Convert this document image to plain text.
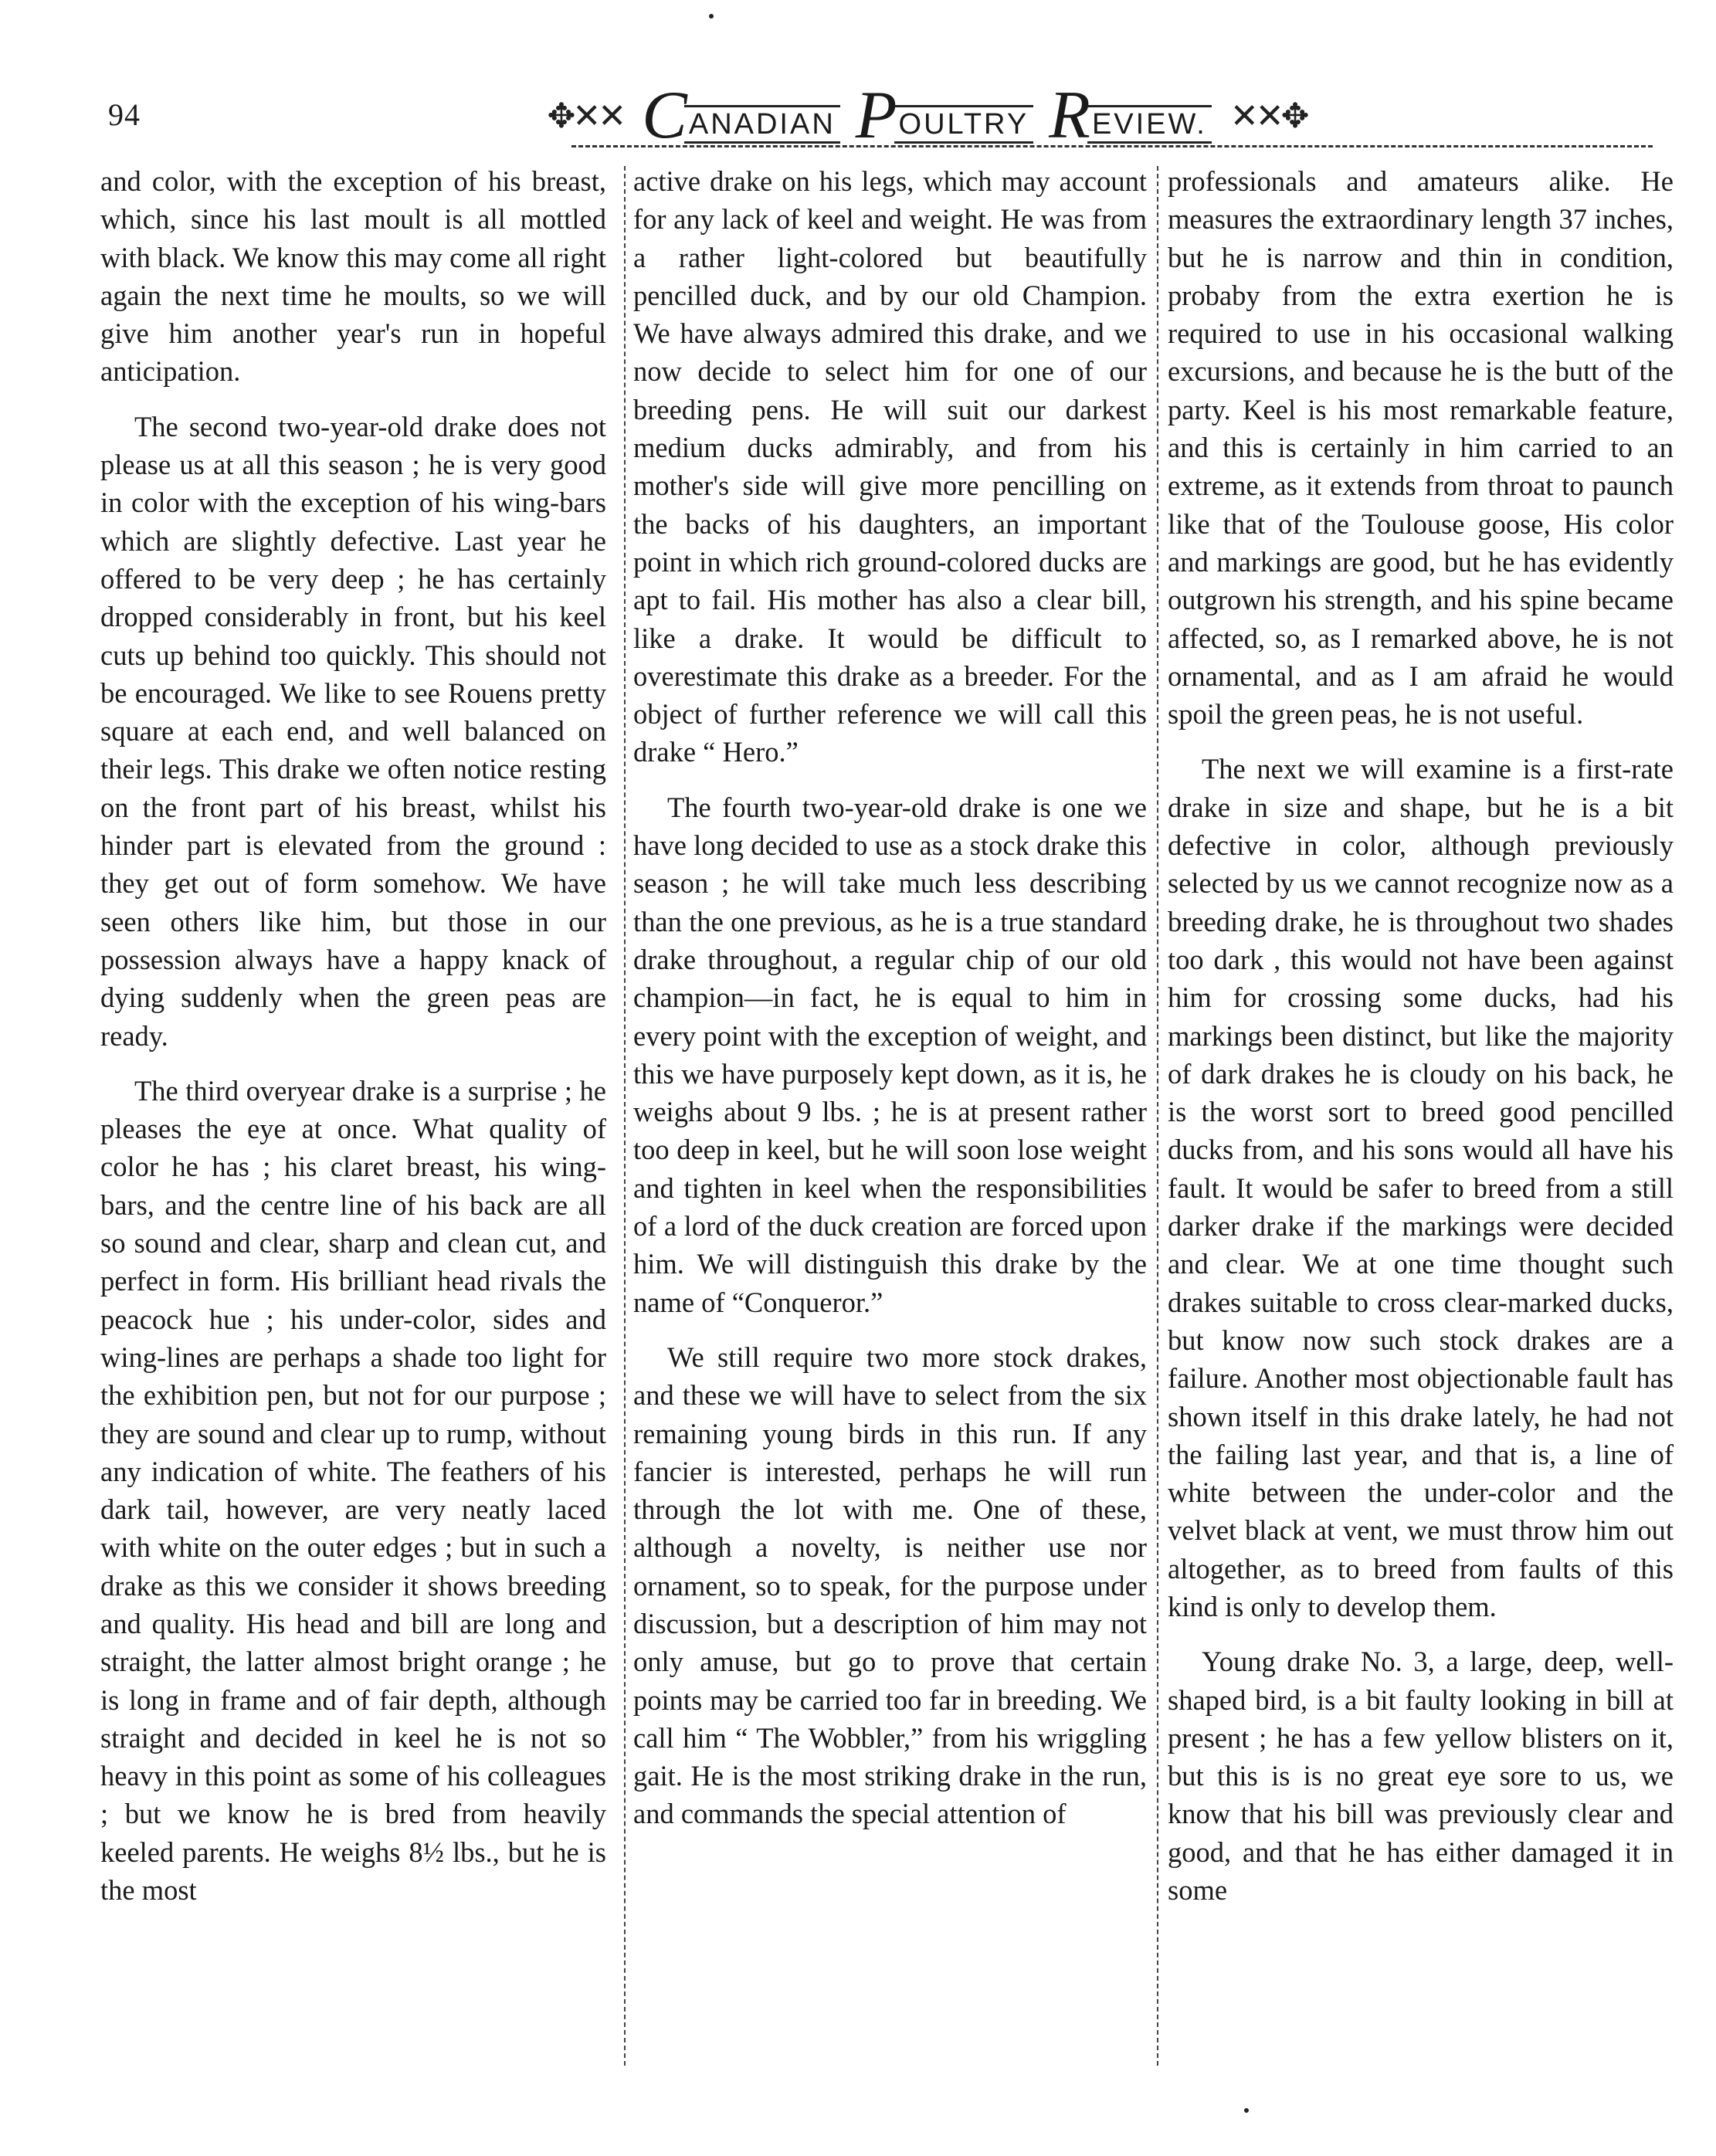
94	✥✕✕ C ANADIAN P OULTRY R EVIEW. ✕✕✥

and color, with the exception of his breast, which, since his last moult is all mottled with black. We know this may come all right again the next time he moults, so we will give him another year's run in hopeful anticipation.

The second two-year-old drake does not please us at all this season ; he is very good in color with the exception of his wing-bars which are slightly defective. Last year he offered to be very deep ; he has certainly dropped considerably in front, but his keel cuts up behind too quickly. This should not be encouraged. We like to see Rouens pretty square at each end, and well balanced on their legs. This drake we often notice resting on the front part of his breast, whilst his hinder part is elevated from the ground : they get out of form somehow. We have seen others like him, but those in our possession always have a happy knack of dying suddenly when the green peas are ready.

The third overyear drake is a surprise ; he pleases the eye at once. What quality of color he has ; his claret breast, his wing-bars, and the centre line of his back are all so sound and clear, sharp and clean cut, and perfect in form. His brilliant head rivals the peacock hue ; his under-color, sides and wing-lines are perhaps a shade too light for the exhibition pen, but not for our purpose ; they are sound and clear up to rump, without any indication of white. The feathers of his dark tail, however, are very neatly laced with white on the outer edges ; but in such a drake as this we consider it shows breeding and quality. His head and bill are long and straight, the latter almost bright orange ; he is long in frame and of fair depth, although straight and decided in keel he is not so heavy in this point as some of his colleagues ; but we know he is bred from heavily keeled parents. He weighs 8½ lbs., but he is the most

active drake on his legs, which may account for any lack of keel and weight. He was from a rather light-colored but beautifully pencilled duck, and by our old Champion. We have always admired this drake, and we now decide to select him for one of our breeding pens. He will suit our darkest medium ducks admirably, and from his mother's side will give more pencilling on the backs of his daughters, an important point in which rich ground-colored ducks are apt to fail. His mother has also a clear bill, like a drake. It would be difficult to overestimate this drake as a breeder. For the object of further reference we will call this drake “ Hero.”

The fourth two-year-old drake is one we have long decided to use as a stock drake this season ; he will take much less describing than the one previous, as he is a true standard drake throughout, a regular chip of our old champion—in fact, he is equal to him in every point with the exception of weight, and this we have purposely kept down, as it is, he weighs about 9 lbs. ; he is at present rather too deep in keel, but he will soon lose weight and tighten in keel when the responsibilities of a lord of the duck creation are forced upon him. We will distinguish this drake by the name of “Conqueror.”

We still require two more stock drakes, and these we will have to select from the six remaining young birds in this run. If any fancier is interested, perhaps he will run through the lot with me. One of these, although a novelty, is neither use nor ornament, so to speak, for the purpose under discussion, but a description of him may not only amuse, but go to prove that certain points may be carried too far in breeding. We call him “ The Wobbler,” from his wriggling gait. He is the most striking drake in the run, and commands the special attention of

professionals and amateurs alike. He measures the extraordinary length 37 inches, but he is narrow and thin in condition, probaby from the extra exertion he is required to use in his occasional walking excursions, and because he is the butt of the party. Keel is his most remarkable feature, and this is certainly in him carried to an extreme, as it extends from throat to paunch like that of the Toulouse goose, His color and markings are good, but he has evidently outgrown his strength, and his spine became affected, so, as I remarked above, he is not ornamental, and as I am afraid he would spoil the green peas, he is not useful.

The next we will examine is a first-rate drake in size and shape, but he is a bit defective in color, although previously selected by us we cannot recognize now as a breeding drake, he is throughout two shades too dark , this would not have been against him for crossing some ducks, had his markings been distinct, but like the majority of dark drakes he is cloudy on his back, he is the worst sort to breed good pencilled ducks from, and his sons would all have his fault. It would be safer to breed from a still darker drake if the markings were decided and clear. We at one time thought such drakes suitable to cross clear-marked ducks, but know now such stock drakes are a failure. Another most objectionable fault has shown itself in this drake lately, he had not the failing last year, and that is, a line of white between the under-color and the velvet black at vent, we must throw him out altogether, as to breed from faults of this kind is only to develop them.

Young drake No. 3, a large, deep, well-shaped bird, is a bit faulty looking in bill at present ; he has a few yellow blisters on it, but this is is no great eye sore to us, we know that his bill was previously clear and good, and that he has either damaged it in some
